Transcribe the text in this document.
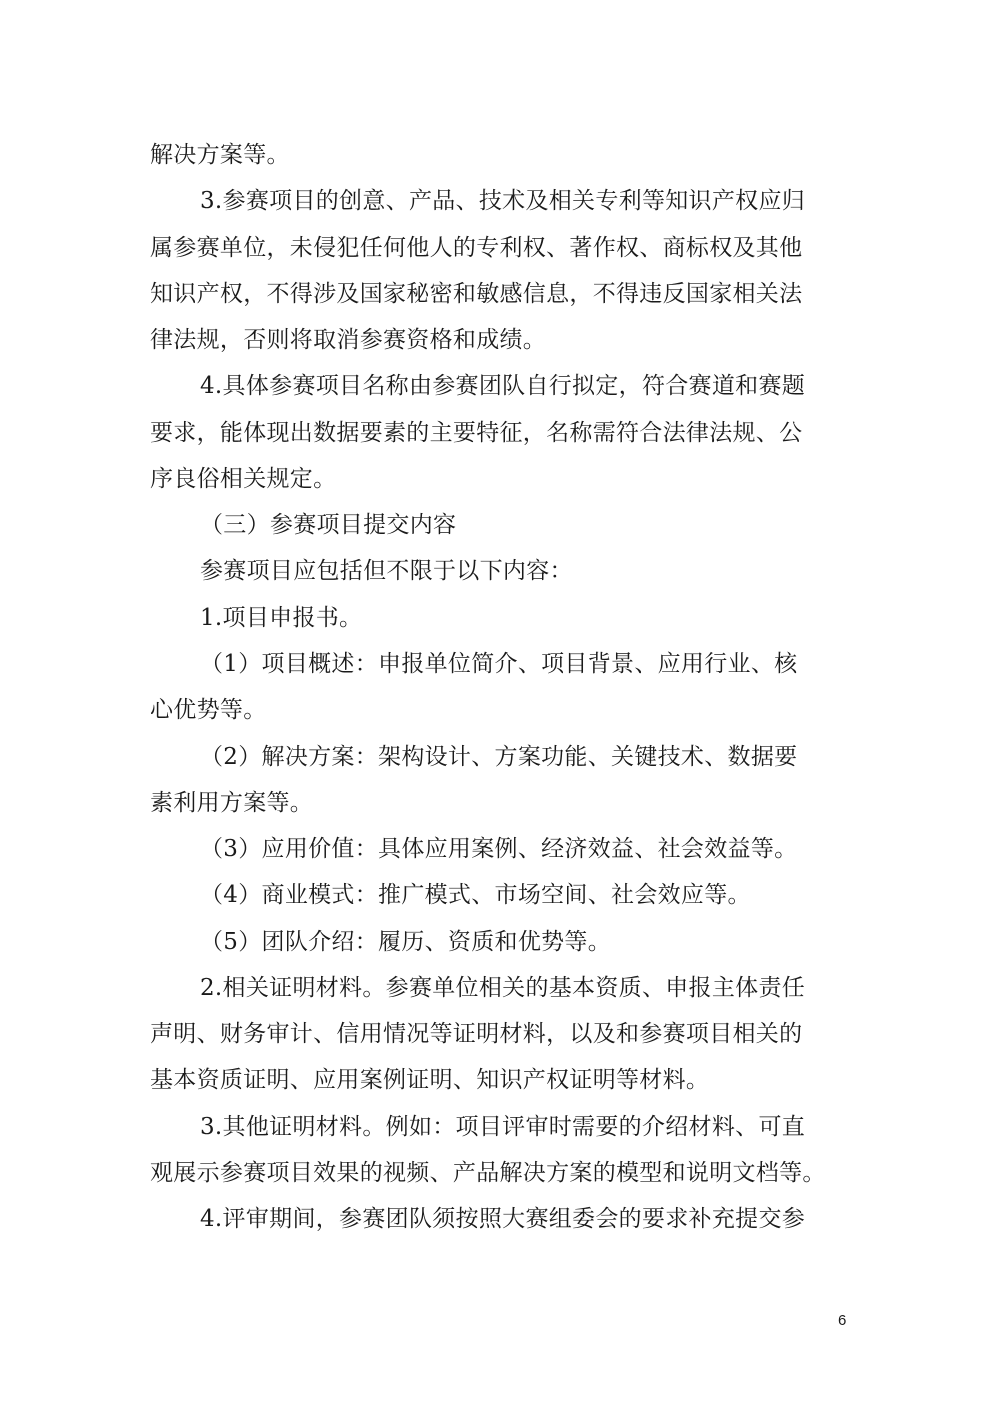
解决方案等。
3.参赛项目的创意、产品、技术及相关专利等知识产权应归
属参赛单位，未侵犯任何他人的专利权、著作权、商标权及其他
知识产权，不得涉及国家秘密和敏感信息，不得违反国家相关法
律法规，否则将取消参赛资格和成绩。
4.具体参赛项目名称由参赛团队自行拟定，符合赛道和赛题
要求，能体现出数据要素的主要特征，名称需符合法律法规、公
序良俗相关规定。
（三）参赛项目提交内容
参赛项目应包括但不限于以下内容：
1.项目申报书。
（1）项目概述：申报单位简介、项目背景、应用行业、核
心优势等。
（2）解决方案：架构设计、方案功能、关键技术、数据要
素利用方案等。
（3）应用价值：具体应用案例、经济效益、社会效益等。
（4）商业模式：推广模式、市场空间、社会效应等。
（5）团队介绍：履历、资质和优势等。
2.相关证明材料。参赛单位相关的基本资质、申报主体责任
声明、财务审计、信用情况等证明材料，以及和参赛项目相关的
基本资质证明、应用案例证明、知识产权证明等材料。
3.其他证明材料。例如：项目评审时需要的介绍材料、可直
观展示参赛项目效果的视频、产品解决方案的模型和说明文档等。
4.评审期间，参赛团队须按照大赛组委会的要求补充提交参
6
